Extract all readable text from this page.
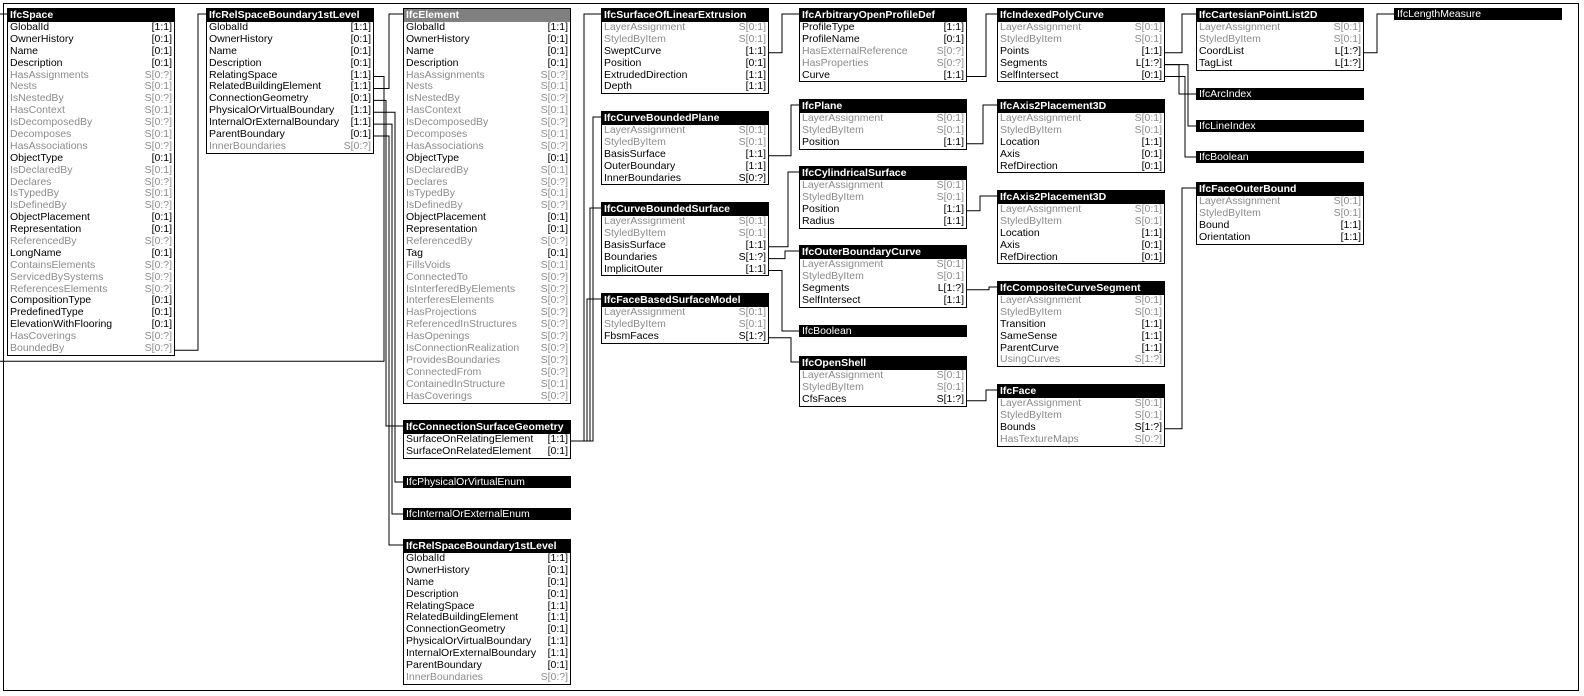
IfcSpace
GlobalId	[1:1]
OwnerHistory	[0:1]
Name	[0:1]
Description	[0:1]
HasAssignments	S[0:?]
Nests	S[0:1]
IsNestedBy	S[0:?]
HasContext	S[0:1]
IsDecomposedBy	S[0:?]
Decomposes	S[0:1]
HasAssociations	S[0:?]
ObjectType	[0:1]
IsDeclaredBy	S[0:1]
Declares	S[0:?]
IsTypedBy	S[0:1]
IsDefinedBy	S[0:?]
ObjectPlacement	[0:1]
Representation	[0:1]
ReferencedBy	S[0:?]
LongName	[0:1]
ContainsElements	S[0:?]
ServicedBySystems	S[0:?]
ReferencesElements	S[0:?]
CompositionType	[0:1]
PredefinedType	[0:1]
ElevationWithFlooring	[0:1]
HasCoverings	S[0:?]
BoundedBy	S[0:?]
IfcRelSpaceBoundary1stLevel
GlobalId	[1:1]
OwnerHistory	[0:1]
Name	[0:1]
Description	[0:1]
RelatingSpace	[1:1]
RelatedBuildingElement	[1:1]
ConnectionGeometry	[0:1]
PhysicalOrVirtualBoundary [1:1]
InternalOrExternalBoundary [1:1]
ParentBoundary	[0:1]
InnerBoundaries	S[0:?]
IfcElement
GlobalId	[1:1]
OwnerHistory	[0:1]
Name	[0:1]
Description	[0:1]
HasAssignments	S[0:?]
Nests	S[0:1]
IsNestedBy	S[0:?]
HasContext	S[0:1]
IsDecomposedBy	S[0:?]
Decomposes	S[0:1]
HasAssociations	S[0:?]
ObjectType	[0:1]
IsDeclaredBy	S[0:1]
Declares	S[0:?]
IsTypedBy	S[0:1]
IsDefinedBy	S[0:?]
ObjectPlacement	[0:1]
Representation	[0:1]
ReferencedBy	S[0:?]
Tag	[0:1]
FillsVoids	S[0:1]
ConnectedTo	S[0:?]
IsInterferedByElements S[0:?]
InterferesElements	S[0:?]
HasProjections	S[0:?]
ReferencedInStructures S[0:?]
HasOpenings	S[0:?]
IsConnectionRealization S[0:?]
ProvidesBoundaries	S[0:?]
ConnectedFrom	S[0:?]
ContainedInStructure	S[0:1]
HasCoverings	S[0:?]
IfcConnectionSurfaceGeometry
SurfaceOnRelatingElement [1:1]
SurfaceOnRelatedElement [0:1]
IfcRelSpaceBoundary1stLevel
GlobalId	[1:1]
OwnerHistory	[0:1]
Name	[0:1]
Description	[0:1]
RelatingSpace	[1:1]
RelatedBuildingElement	[1:1]
ConnectionGeometry	[0:1]
PhysicalOrVirtualBoundary [1:1]
InternalOrExternalBoundary [1:1]
ParentBoundary	[0:1]
InnerBoundaries	S[0:?]
IfcSurfaceOfLinearExtrusion
LayerAssignment	S[0:1]
StyledByItem	S[0:1]
SweptCurve	[1:1]
Position	[0:1]
ExtrudedDirection	[1:1]
Depth	[1:1]
IfcCurveBoundedPlane
LayerAssignment	S[0:1]
StyledByItem	S[0:1]
BasisSurface	[1:1]
OuterBoundary	[1:1]
InnerBoundaries	S[0:?]
IfcCurveBoundedSurface
LayerAssignment	S[0:1]
StyledByItem	S[0:1]
BasisSurface	[1:1]
Boundaries	S[1:?]
ImplicitOuter	[1:1]
IfcFaceBasedSurfaceModel
LayerAssignment	S[0:1]
StyledByItem	S[0:1]
FbsmFaces	S[1:?]
IfcArbitraryOpenProfileDef
ProfileType	[1:1]
ProfileName	[0:1]
HasExternalReference	S[0:?]
HasProperties	S[0:?]
Curve	[1:1]
IfcPlane
LayerAssignment	S[0:1]
StyledByItem	S[0:1]
Position	[1:1]
IfcCylindricalSurface
LayerAssignment	S[0:1]
StyledByItem	S[0:1]
Position	[1:1]
Radius	[1:1]
IfcOuterBoundaryCurve
LayerAssignment	S[0:1]
StyledByItem	S[0:1]
Segments	L[1:?]
SelfIntersect	[1:1]
IfcOpenShell
LayerAssignment	S[0:1]
StyledByItem	S[0:1]
CfsFaces	S[1:?]
IfcIndexedPolyCurve
LayerAssignment	S[0:1]
StyledByItem	S[0:1]
Points	[1:1]
Segments	L[1:?]
SelfIntersect	[0:1]
IfcAxis2Placement3D
LayerAssignment	S[0:1]
StyledByItem	S[0:1]
Location	[1:1]
Axis	[0:1]
RefDirection	[0:1]
IfcAxis2Placement3D
LayerAssignment	S[0:1]
StyledByItem	S[0:1]
Location	[1:1]
Axis	[0:1]
RefDirection	[0:1]
IfcCompositeCurveSegment
LayerAssignment	S[0:1]
StyledByItem	S[0:1]
Transition	[1:1]
SameSense	[1:1]
ParentCurve	[1:1]
UsingCurves	S[1:?]
IfcFace
LayerAssignment	S[0:1]
StyledByItem	S[0:1]
Bounds	S[1:?]
HasTextureMaps	S[0:?]
IfcCartesianPointList2D
LayerAssignment	S[0:1]
StyledByItem	S[0:1]
CoordList	L[1:?]
TagList	L[1:?]
IfcFaceOuterBound
LayerAssignment	S[0:1]
StyledByItem	S[0:1]
Bound	[1:1]
Orientation	[1:1]
IfcPhysicalOrVirtualEnum
IfcInternalOrExternalEnum
IfcBoolean
IfcArcIndex
IfcLineIndex
IfcBoolean
IfcLengthMeasure
